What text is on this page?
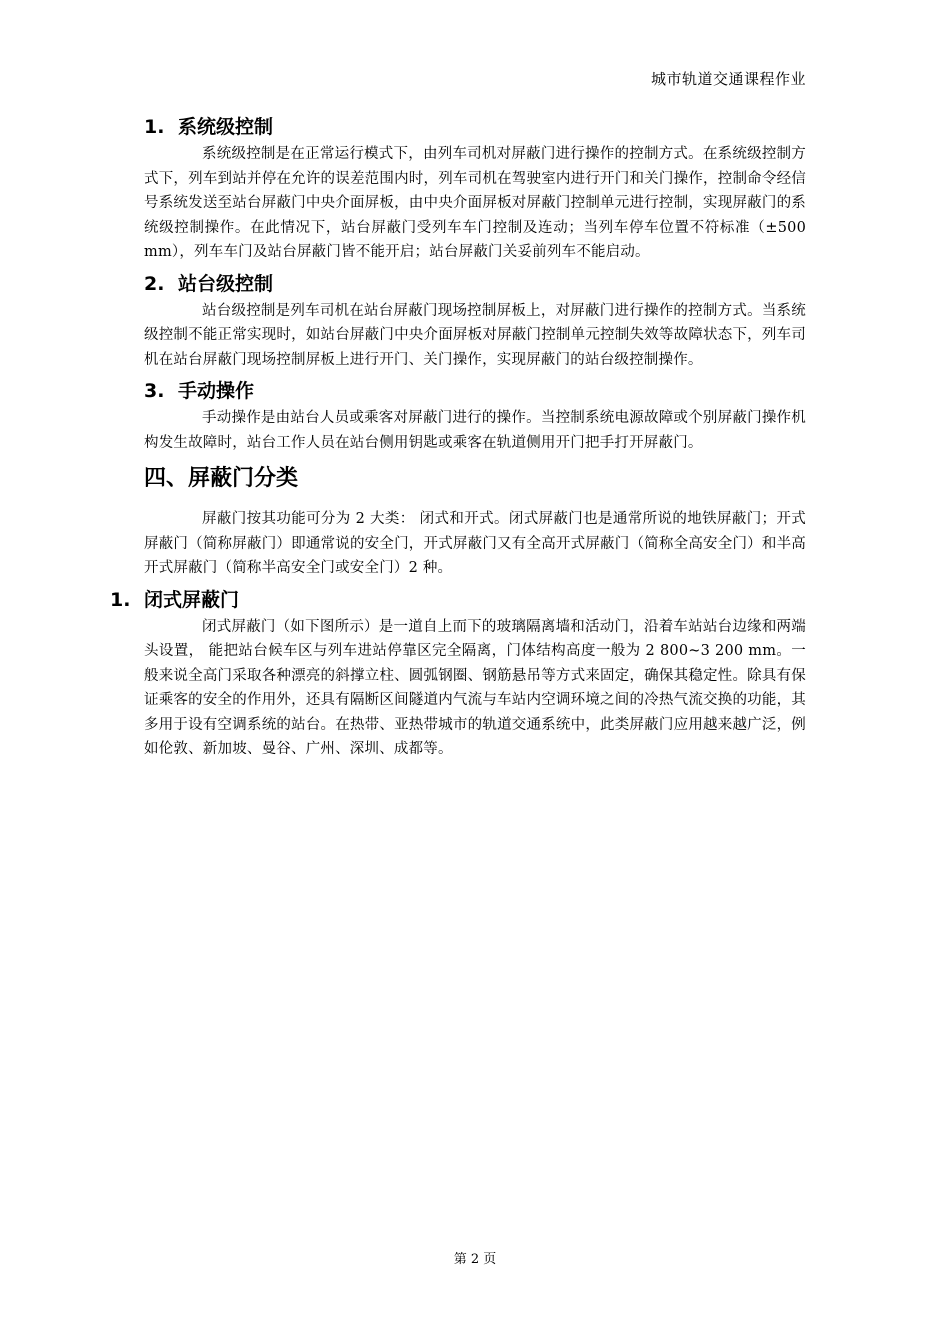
城市轨道交通课程作业
1. 系统级控制

系统级控制是在正常运行模式下，由列车司机对屏蔽门进行操作的控制方式。在系统级控制方式下，列车到站并停在允许的误差范围内时，列车司机在驾驶室内进行开门和关门操作，控制命令经信号系统发送至站台屏蔽门中央介面屏板，由中央介面屏板对屏蔽门控制单元进行控制，实现屏蔽门的系统级控制操作。在此情况下，站台屏蔽门受列车车门控制及连动；当列车停车位置不符标准（±500 mm），列车车门及站台屏蔽门皆不能开启；站台屏蔽门关妥前列车不能启动。

2. 站台级控制

站台级控制是列车司机在站台屏蔽门现场控制屏板上，对屏蔽门进行操作的控制方式。当系统级控制不能正常实现时，如站台屏蔽门中央介面屏板对屏蔽门控制单元控制失效等故障状态下，列车司机在站台屏蔽门现场控制屏板上进行开门、关门操作，实现屏蔽门的站台级控制操作。

3. 手动操作

手动操作是由站台人员或乘客对屏蔽门进行的操作。当控制系统电源故障或个别屏蔽门操作机构发生故障时，站台工作人员在站台侧用钥匙或乘客在轨道侧用开门把手打开屏蔽门。

四、屏蔽门分类

屏蔽门按其功能可分为 2 大类： 闭式和开式。闭式屏蔽门也是通常所说的地铁屏蔽门；开式屏蔽门（简称屏蔽门）即通常说的安全门，开式屏蔽门又有全高开式屏蔽门（简称全高安全门）和半高开式屏蔽门（简称半高安全门或安全门）2 种。

1. 闭式屏蔽门

闭式屏蔽门（如下图所示）是一道自上而下的玻璃隔离墙和活动门，沿着车站站台边缘和两端头设置， 能把站台候车区与列车进站停靠区完全隔离，门体结构高度一般为 2 800~3 200 mm。一般来说全高门采取各种漂亮的斜撑立柱、圆弧钢圈、钢筋悬吊等方式来固定，确保其稳定性。除具有保证乘客的安全的作用外，还具有隔断区间隧道内气流与车站内空调环境之间的冷热气流交换的功能，其多用于设有空调系统的站台。在热带、亚热带城市的轨道交通系统中，此类屏蔽门应用越来越广泛，例如伦敦、新加坡、曼谷、广州、深圳、成都等。

第 2 页
